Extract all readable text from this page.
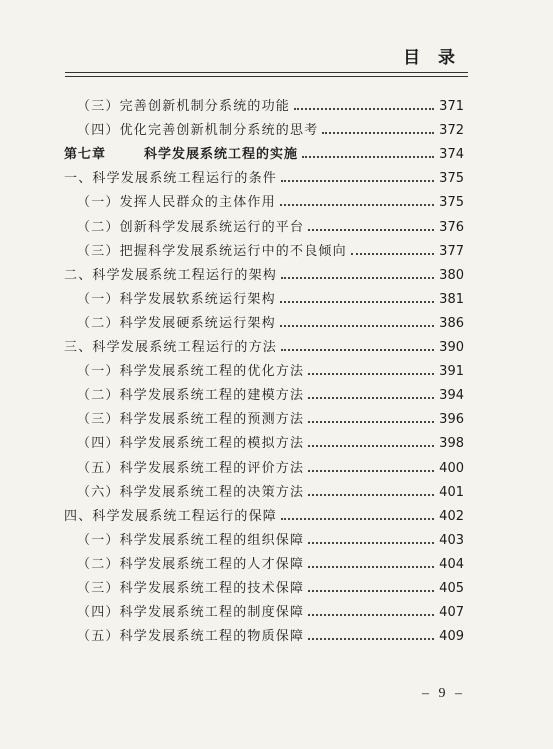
目 录
（三）完善创新机制分系统的功能	371
（四）优化完善创新机制分系统的思考	372
第七章	科学发展系统工程的实施	374
一、科学发展系统工程运行的条件	375
（一）发挥人民群众的主体作用	375
（二）创新科学发展系统运行的平台	376
（三）把握科学发展系统运行中的不良倾向	377
二、科学发展系统工程运行的架构	380
（一）科学发展软系统运行架构	381
（二）科学发展硬系统运行架构	386
三、科学发展系统工程运行的方法	390
（一）科学发展系统工程的优化方法	391
（二）科学发展系统工程的建模方法	394
（三）科学发展系统工程的预测方法	396
（四）科学发展系统工程的模拟方法	398
（五）科学发展系统工程的评价方法	400
（六）科学发展系统工程的决策方法	401
四、科学发展系统工程运行的保障	402
（一）科学发展系统工程的组织保障	403
（二）科学发展系统工程的人才保障	404
（三）科学发展系统工程的技术保障	405
（四）科学发展系统工程的制度保障	407
（五）科学发展系统工程的物质保障	409
– 9 –
